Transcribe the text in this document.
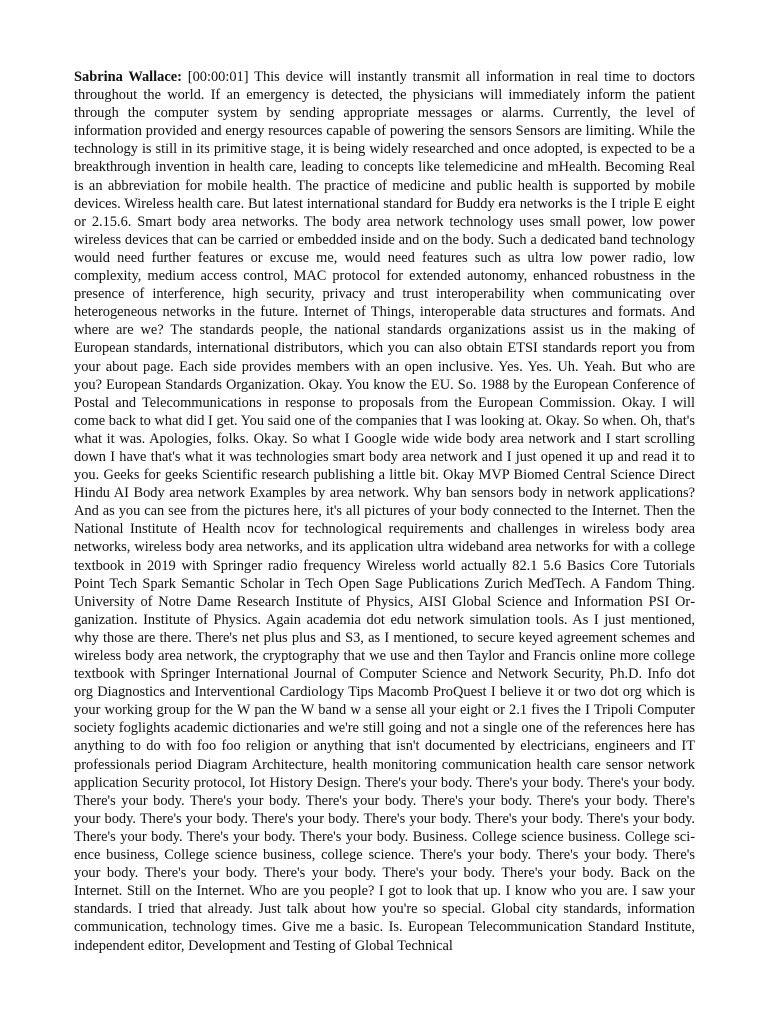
Sabrina Wallace: [00:00:01] This device will instantly transmit all information in real time to doctors throughout the world. If an emergency is detected, the physicians will immediately inform the patient through the computer system by sending appropriate messages or alarms. Currently, the level of information provided and energy resources capable of powering the sensors Sensors are limiting. While the technology is still in its primitive stage, it is being widely researched and once adopted, is expected to be a breakthrough invention in health care, leading to concepts like telemedicine and mHealth. Becoming Real is an abbreviation for mobile health. The practice of medicine and public health is supported by mobile devices. Wireless health care. But latest international standard for Buddy era networks is the I triple E eight or 2.15.6. Smart body area networks. The body area network technology uses small power, low power wireless devices that can be carried or embedded inside and on the body. Such a dedicated band technology would need further features or excuse me, would need features such as ultra low power radio, low complexity, medium access control, MAC protocol for extended autonomy, enhanced robustness in the presence of interference, high security, privacy and trust interoperability when communicating over heterogeneous networks in the future. Internet of Things, interoperable data structures and formats. And where are we? The standards people, the national standards organizations assist us in the making of European standards, international distributors, which you can also obtain ETSI standards report you from your about page. Each side provides members with an open inclusive. Yes. Yes. Uh. Yeah. But who are you? European Standards Organization. Okay. You know the EU. So. 1988 by the European Conference of Postal and Telecommunications in response to proposals from the European Commission. Okay. I will come back to what did I get. You said one of the companies that I was looking at. Okay. So when. Oh, that's what it was. Apologies, folks. Okay. So what I Google wide wide body area network and I start scrolling down I have that's what it was technologies smart body area network and I just opened it up and read it to you. Geeks for geeks Scientific research publishing a little bit. Okay MVP Biomed Central Science Direct Hindu AI Body area network Examples by area network. Why ban sensors body in network applications? And as you can see from the pictures here, it's all pictures of your body connected to the Internet. Then the National Institute of Health ncov for technological requirements and challenges in wireless body area networks, wireless body area networks, and its application ultra wideband area networks for with a college textbook in 2019 with Springer radio frequency Wireless world actually 82.1 5.6 Basics Core Tutorials Point Tech Spark Semantic Scholar in Tech Open Sage Publications Zurich MedTech. A Fandom Thing. University of Notre Dame Research Institute of Physics, AISI Global Science and Information PSI Organization. Institute of Physics. Again academia dot edu network simulation tools. As I just mentioned, why those are there. There's net plus plus and S3, as I mentioned, to secure keyed agreement schemes and wireless body area network, the cryptography that we use and then Taylor and Francis online more college textbook with Springer International Journal of Computer Science and Network Security, Ph.D. Info dot org Diagnostics and Interventional Cardiology Tips Macomb ProQuest I believe it or two dot org which is your working group for the W pan the W band w a sense all your eight or 2.1 fives the I Tripoli Computer society foglights academic dictionaries and we're still going and not a single one of the references here has anything to do with foo foo religion or anything that isn't documented by electricians, engineers and IT professionals period Diagram Architecture, health monitoring communication health care sensor network application Security protocol, Iot History Design. There's your body. There's your body. There's your body. There's your body. There's your body. There's your body. There's your body. There's your body. There's your body. There's your body. There's your body. There's your body. There's your body. There's your body. There's your body. There's your body. There's your body. Business. College science business. College science business, College science business, college science. There's your body. There's your body. There's your body. There's your body. There's your body. There's your body. There's your body. Back on the Internet. Still on the Internet. Who are you people? I got to look that up. I know who you are. I saw your standards. I tried that already. Just talk about how you're so special. Global city standards, information communication, technology times. Give me a basic. Is. European Telecommunication Standard Institute, independent editor, Development and Testing of Global Technical
